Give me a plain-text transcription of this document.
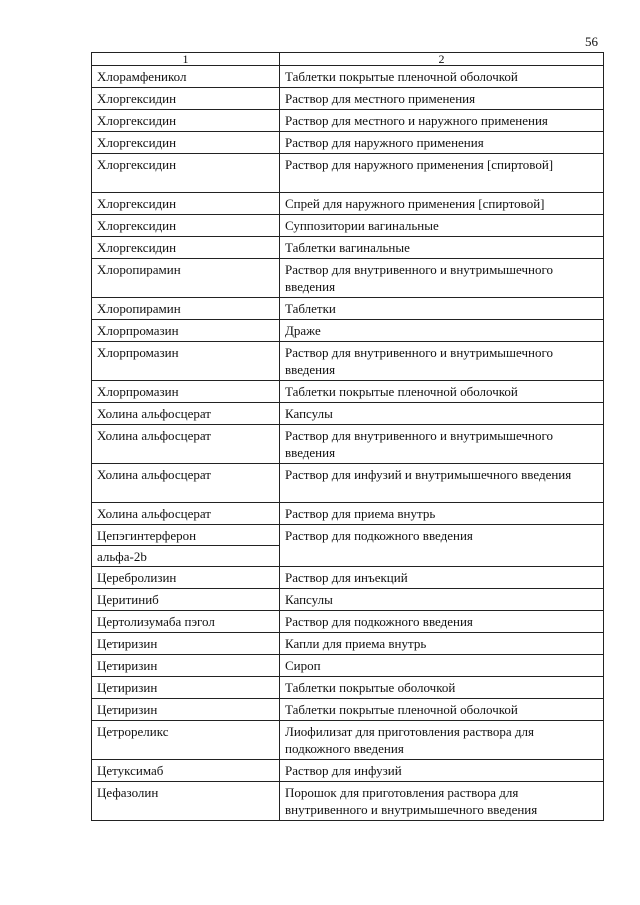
56
1	2
Хлорамфеникол	Таблетки покрытые пленочной оболочкой
Хлоргексидин	Раствор для местного применения
Хлоргексидин	Раствор для местного и наружного применения
Хлоргексидин	Раствор для наружного применения
Хлоргексидин	Раствор для наружного применения [спиртовой]
Хлоргексидин	Спрей для наружного применения [спиртовой]
Хлоргексидин	Суппозитории вагинальные
Хлоргексидин	Таблетки вагинальные
Хлоропирамин	Раствор для внутривенного и внутримышечного введения
Хлоропирамин	Таблетки
Хлорпромазин	Драже
Хлорпромазин	Раствор для внутривенного и внутримышечного введения
Хлорпромазин	Таблетки покрытые пленочной оболочкой
Холина альфосцерат	Капсулы
Холина альфосцерат	Раствор для внутривенного и внутримышечного введения
Холина альфосцерат	Раствор для инфузий и внутримышечного введения
Холина альфосцерат	Раствор для приема внутрь
Цепэгинтерферон	Раствор для подкожного введения
альфа-2b	
Церебролизин	Раствор для инъекций
Церитиниб	Капсулы
Цертолизумаба пэгол	Раствор для подкожного введения
Цетиризин	Капли для приема внутрь
Цетиризин	Сироп
Цетиризин	Таблетки покрытые оболочкой
Цетиризин	Таблетки покрытые пленочной оболочкой
Цетрореликс	Лиофилизат для приготовления раствора для подкожного введения
Цетуксимаб	Раствор для инфузий
Цефазолин	Порошок для приготовления раствора для внутривенного и внутримышечного введения
